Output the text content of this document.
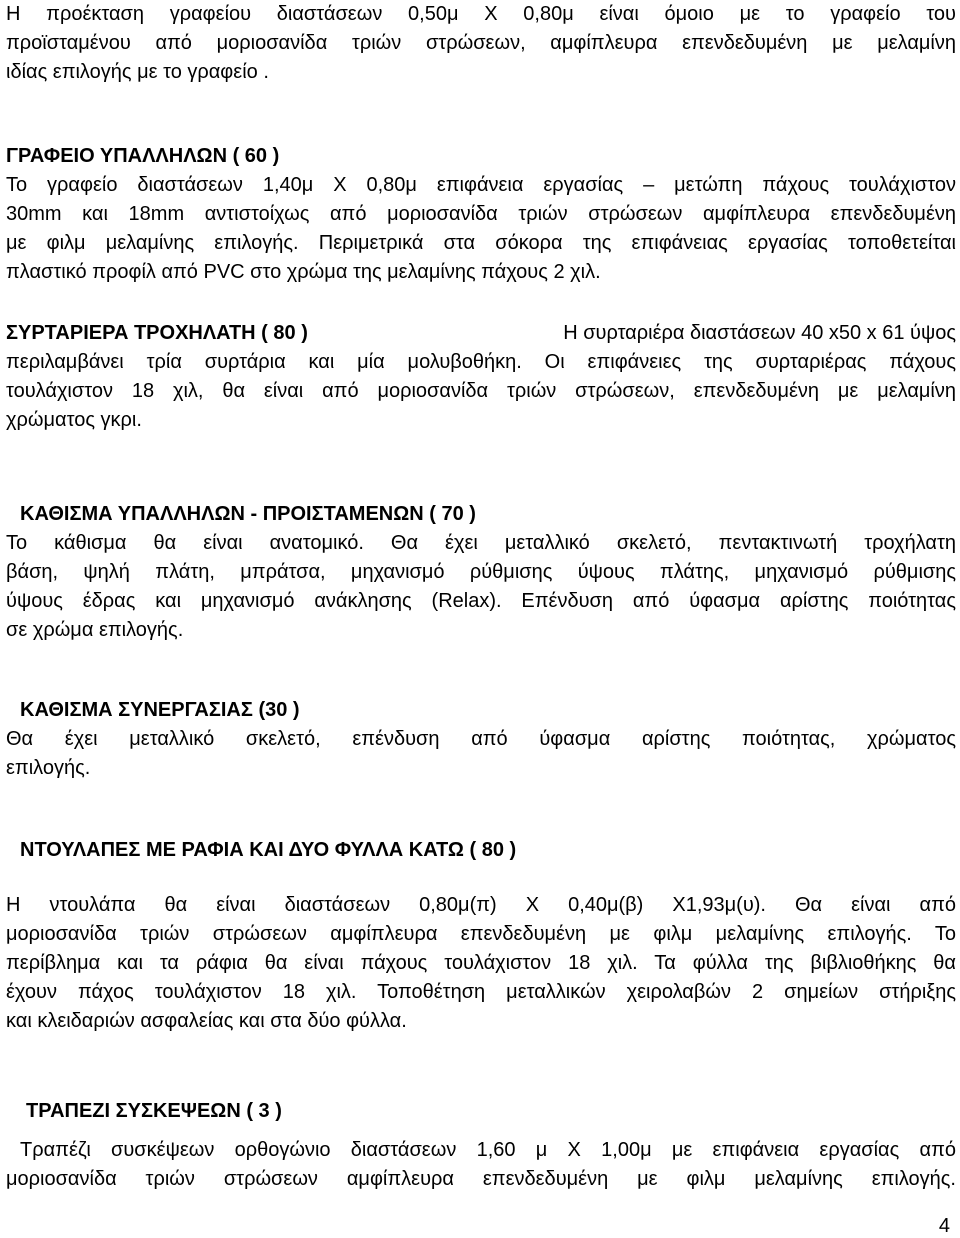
Η προέκταση γραφείου διαστάσεων 0,50μ Χ 0,80μ είναι όμοιο με το γραφείο του
προϊσταμένου από μοριοσανίδα τριών στρώσεων, αμφίπλευρα επενδεδυμένη με μελαμίνη
ιδίας επιλογής με το γραφείο .
ΓΡΑΦΕΙΟ ΥΠΑΛΛΗΛΩΝ ( 60 )
Το γραφείο διαστάσεων 1,40μ Χ 0,80μ επιφάνεια εργασίας – μετώπη πάχους τουλάχιστον
30mm και 18mm αντιστοίχως από μοριοσανίδα τριών στρώσεων αμφίπλευρα επενδεδυμένη
με φιλμ μελαμίνης επιλογής. Περιμετρικά στα σόκορα της επιφάνειας εργασίας τοποθετείται
πλαστικό προφίλ από PVC στο χρώμα της μελαμίνης πάχους 2 χιλ.
ΣΥΡΤΑΡΙΕΡΑ ΤΡΟΧΗΛΑΤΗ ( 80 )	Η συρταριέρα διαστάσεων 40 x50 x 61 ύψος
περιλαμβάνει τρία συρτάρια και μία μολυβοθήκη. Οι επιφάνειες της συρταριέρας πάχους
τουλάχιστον 18 χιλ, θα είναι από μοριοσανίδα τριών στρώσεων, επενδεδυμένη με μελαμίνη
χρώματος γκρι.
ΚΑΘΙΣΜΑ ΥΠΑΛΛΗΛΩΝ - ΠΡΟΙΣΤΑΜΕΝΩΝ ( 70 )
Το κάθισμα θα είναι ανατομικό. Θα έχει μεταλλικό σκελετό, πεντακτινωτή τροχήλατη
βάση, ψηλή πλάτη, μπράτσα, μηχανισμό ρύθμισης ύψους πλάτης, μηχανισμό ρύθμισης
ύψους έδρας και μηχανισμό ανάκλησης (Relax). Επένδυση από ύφασμα αρίστης ποιότητας
σε χρώμα επιλογής.
ΚΑΘΙΣΜΑ ΣΥΝΕΡΓΑΣΙΑΣ (30 )
Θα έχει μεταλλικό σκελετό, επένδυση από ύφασμα αρίστης ποιότητας, χρώματος
επιλογής.
ΝΤΟΥΛΑΠΕΣ ΜΕ ΡΑΦΙΑ ΚΑΙ ΔΥΟ ΦΥΛΛΑ ΚΑΤΩ ( 80 )
Η ντουλάπα θα είναι διαστάσεων 0,80μ(π) Χ 0,40μ(β) Χ1,93μ(υ). Θα είναι από
μοριοσανίδα τριών στρώσεων αμφίπλευρα επενδεδυμένη με φιλμ μελαμίνης επιλογής. Το
περίβλημα και τα ράφια θα είναι πάχους τουλάχιστον 18 χιλ. Τα φύλλα της βιβλιοθήκης θα
έχουν πάχος τουλάχιστον 18 χιλ. Τοποθέτηση μεταλλικών χειρολαβών 2 σημείων στήριξης
και κλειδαριών ασφαλείας και στα δύο φύλλα.
ΤΡΑΠΕΖΙ ΣΥΣΚΕΨΕΩΝ ( 3 )
Τραπέζι συσκέψεων ορθογώνιο διαστάσεων 1,60 μ Χ 1,00μ με επιφάνεια εργασίας από
μοριοσανίδα τριών στρώσεων αμφίπλευρα επενδεδυμένη με φιλμ μελαμίνης επιλογής.
4
